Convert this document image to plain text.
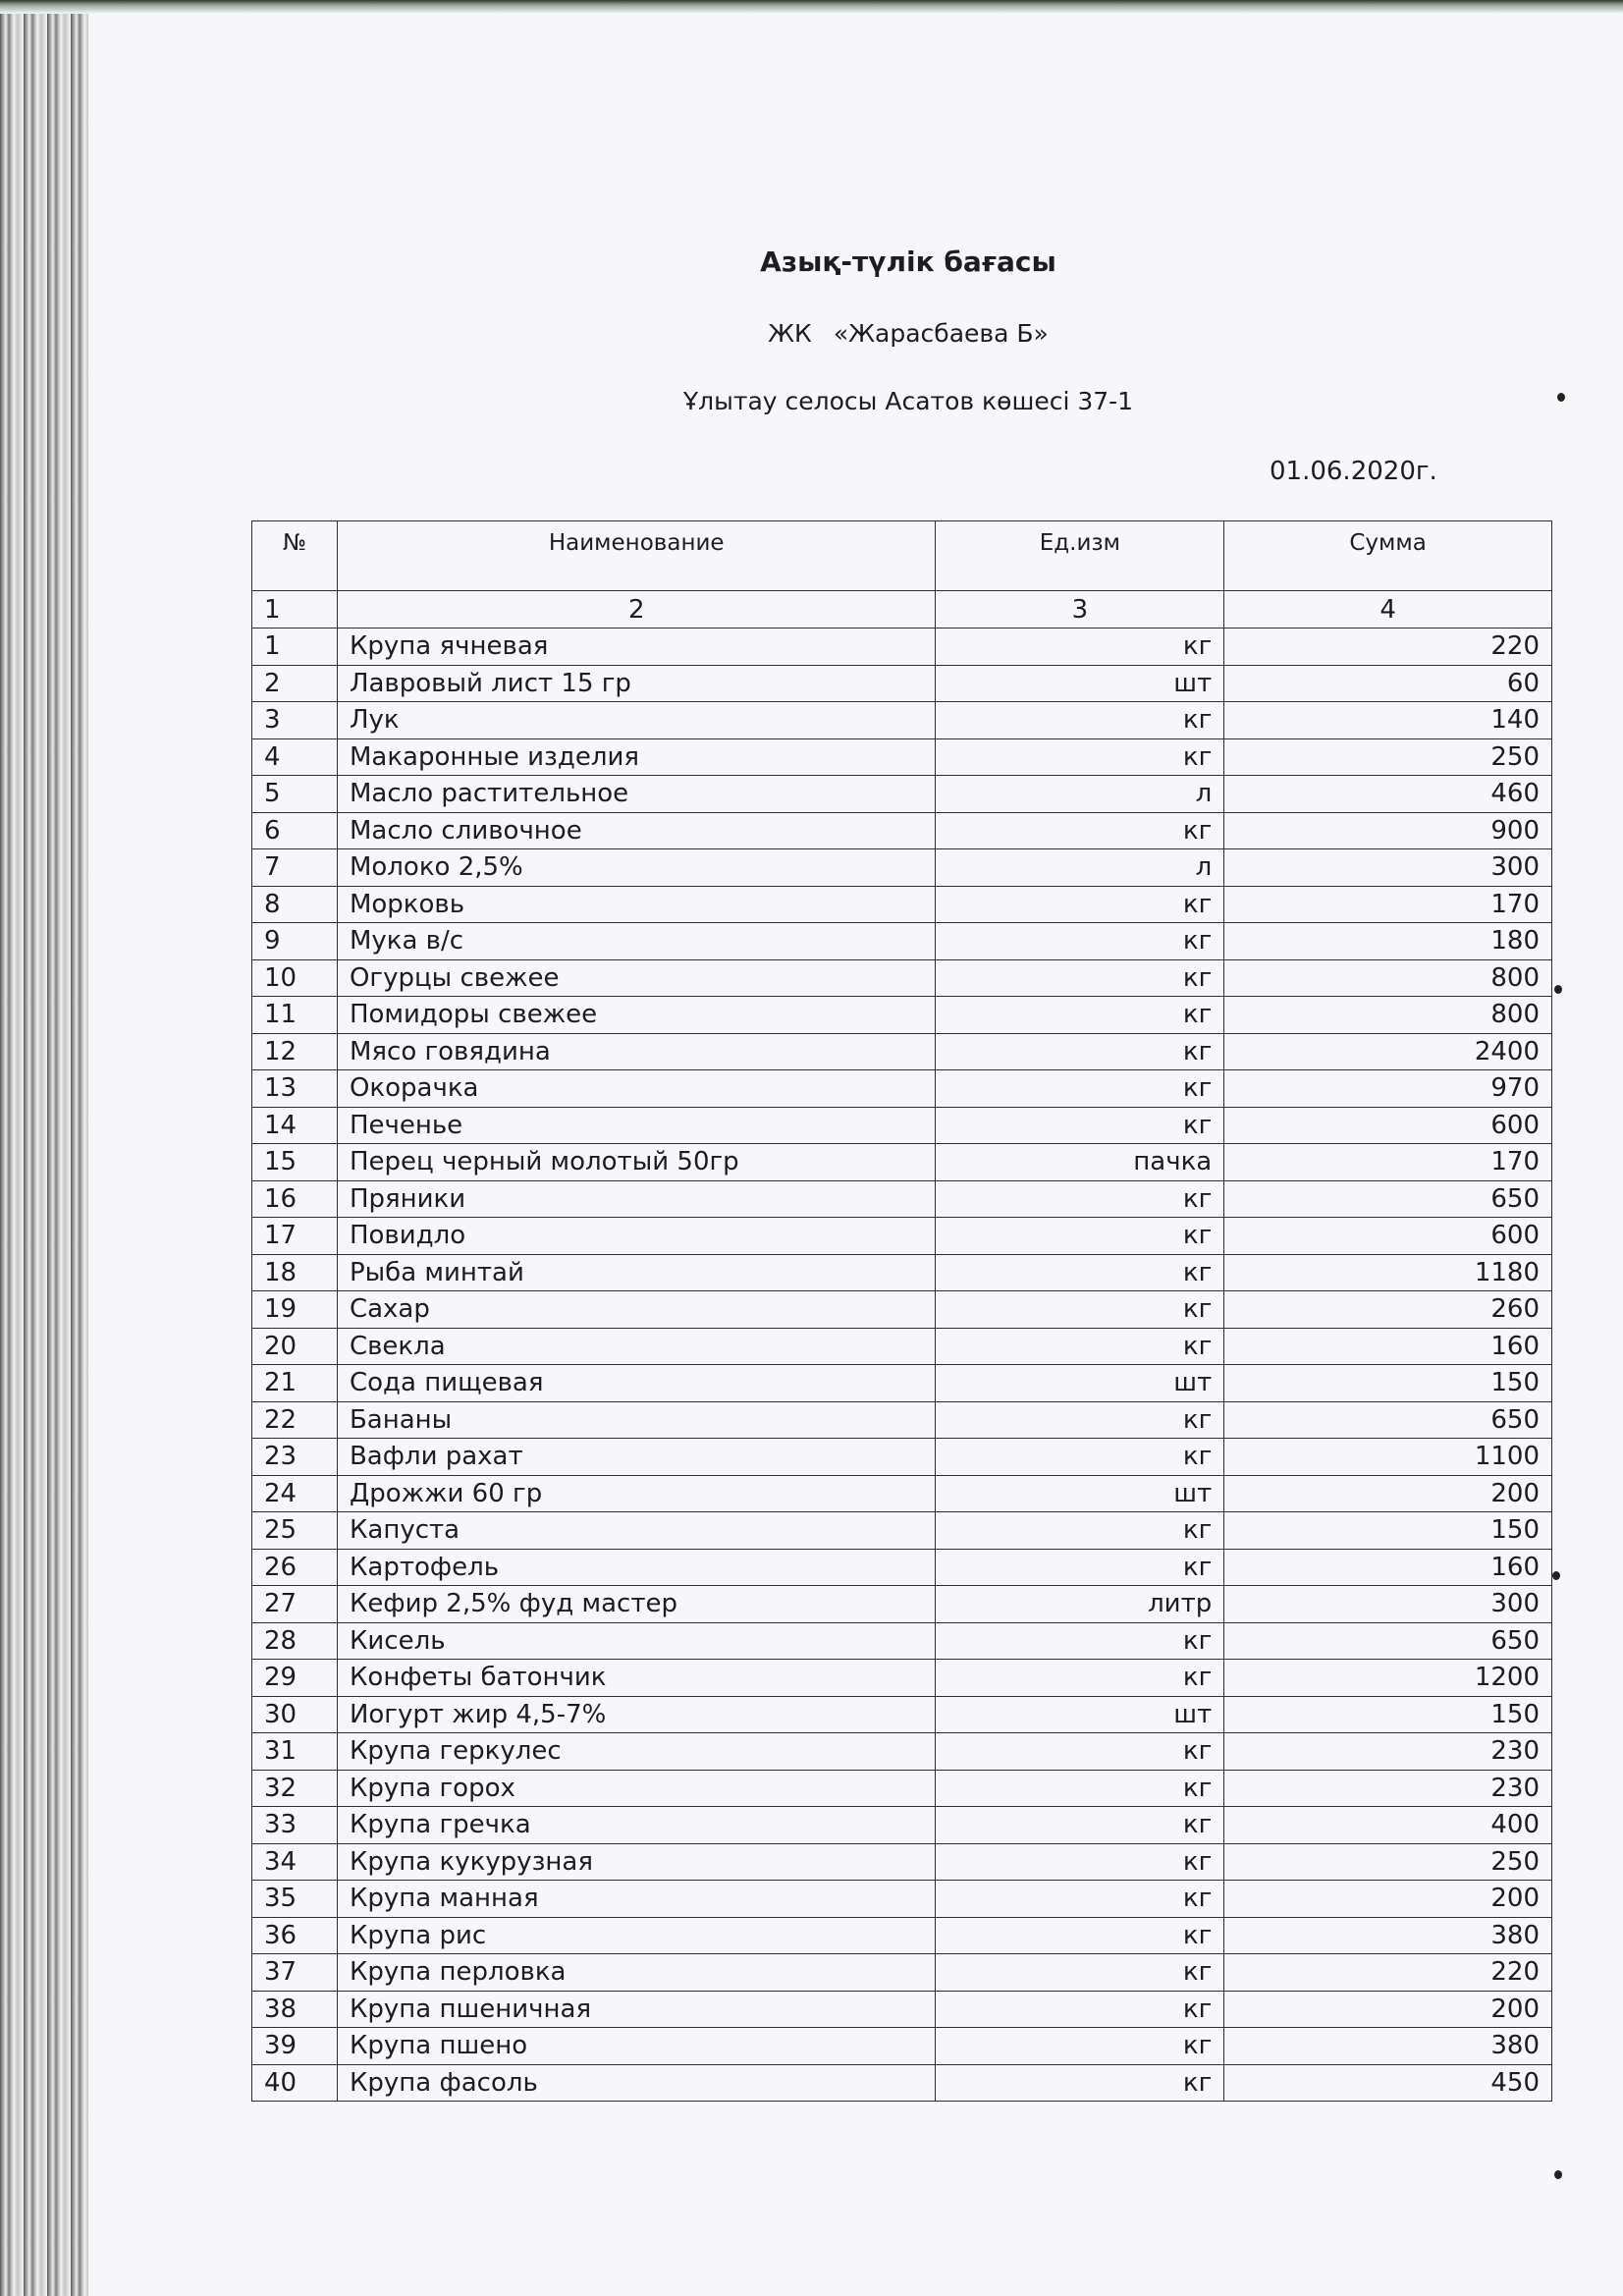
Азық-түлік бағасы
ЖК «Жарасбаева Б»
Ұлытау селосы Асатов көшесі 37-1
01.06.2020г.
№	Наименование	Ед.изм	Сумма
1	2	3	4
1	Крупа ячневая	кг	220
2	Лавровый лист 15 гр	шт	60
3	Лук	кг	140
4	Макаронные изделия	кг	250
5	Масло растительное	л	460
6	Масло сливочное	кг	900
7	Молоко 2,5%	л	300
8	Морковь	кг	170
9	Мука в/с	кг	180
10	Огурцы свежее	кг	800
11	Помидоры свежее	кг	800
12	Мясо говядина	кг	2400
13	Окорачка	кг	970
14	Печенье	кг	600
15	Перец черный молотый 50гр	пачка	170
16	Пряники	кг	650
17	Повидло	кг	600
18	Рыба минтай	кг	1180
19	Сахар	кг	260
20	Свекла	кг	160
21	Сода пищевая	шт	150
22	Бананы	кг	650
23	Вафли рахат	кг	1100
24	Дрожжи 60 гр	шт	200
25	Капуста	кг	150
26	Картофель	кг	160
27	Кефир 2,5% фуд мастер	литр	300
28	Кисель	кг	650
29	Конфеты батончик	кг	1200
30	Иогурт жир 4,5-7%	шт	150
31	Крупа геркулес	кг	230
32	Крупа горох	кг	230
33	Крупа гречка	кг	400
34	Крупа кукурузная	кг	250
35	Крупа манная	кг	200
36	Крупа рис	кг	380
37	Крупа перловка	кг	220
38	Крупа пшеничная	кг	200
39	Крупа пшено	кг	380
40	Крупа фасоль	кг	450
